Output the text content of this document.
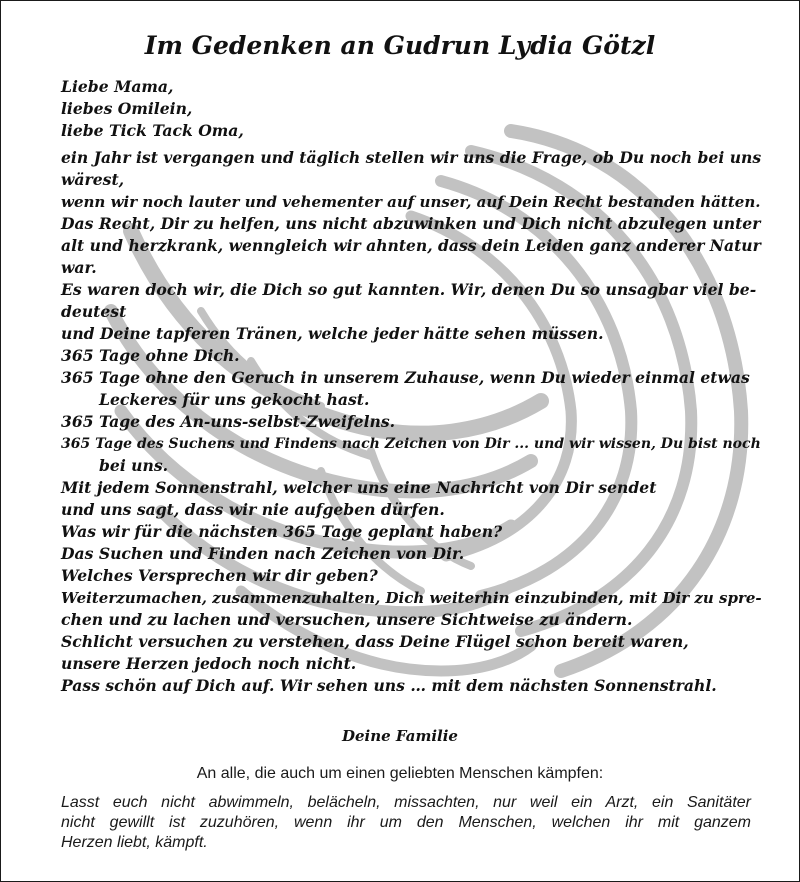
Im Gedenken an Gudrun Lydia Götzl
Liebe Mama,
liebes Omilein,
liebe Tick Tack Oma,
ein Jahr ist vergangen und täglich stellen wir uns die Frage, ob Du noch bei uns
wärest,
wenn wir noch lauter und vehementer auf unser, auf Dein Recht bestanden hätten.
Das Recht, Dir zu helfen, uns nicht abzuwinken und Dich nicht abzulegen unter
alt und herzkrank, wenngleich wir ahnten, dass dein Leiden ganz anderer Natur
war.
Es waren doch wir, die Dich so gut kannten. Wir, denen Du so unsagbar viel be-
deutest
und Deine tapferen Tränen, welche jeder hätte sehen müssen.
365 Tage ohne Dich.
365 Tage ohne den Geruch in unserem Zuhause, wenn Du wieder einmal etwas
Leckeres für uns gekocht hast.
365 Tage des An-uns-selbst-Zweifelns.
365 Tage des Suchens und Findens nach Zeichen von Dir ... und wir wissen, Du bist noch
bei uns.
Mit jedem Sonnenstrahl, welcher uns eine Nachricht von Dir sendet
und uns sagt, dass wir nie aufgeben dürfen.
Was wir für die nächsten 365 Tage geplant haben?
Das Suchen und Finden nach Zeichen von Dir.
Welches Versprechen wir dir geben?
Weiterzumachen, zusammenzuhalten, Dich weiterhin einzubinden, mit Dir zu spre-
chen und zu lachen und versuchen, unsere Sichtweise zu ändern.
Schlicht versuchen zu verstehen, dass Deine Flügel schon bereit waren,
unsere Herzen jedoch noch nicht.
Pass schön auf Dich auf. Wir sehen uns … mit dem nächsten Sonnenstrahl.
Deine Familie
An alle, die auch um einen geliebten Menschen kämpfen:
Lasst euch nicht abwimmeln, belächeln, missachten, nur weil ein Arzt, ein Sanitäter
nicht gewillt ist zuzuhören, wenn ihr um den Menschen, welchen ihr mit ganzem
Herzen liebt, kämpft.
